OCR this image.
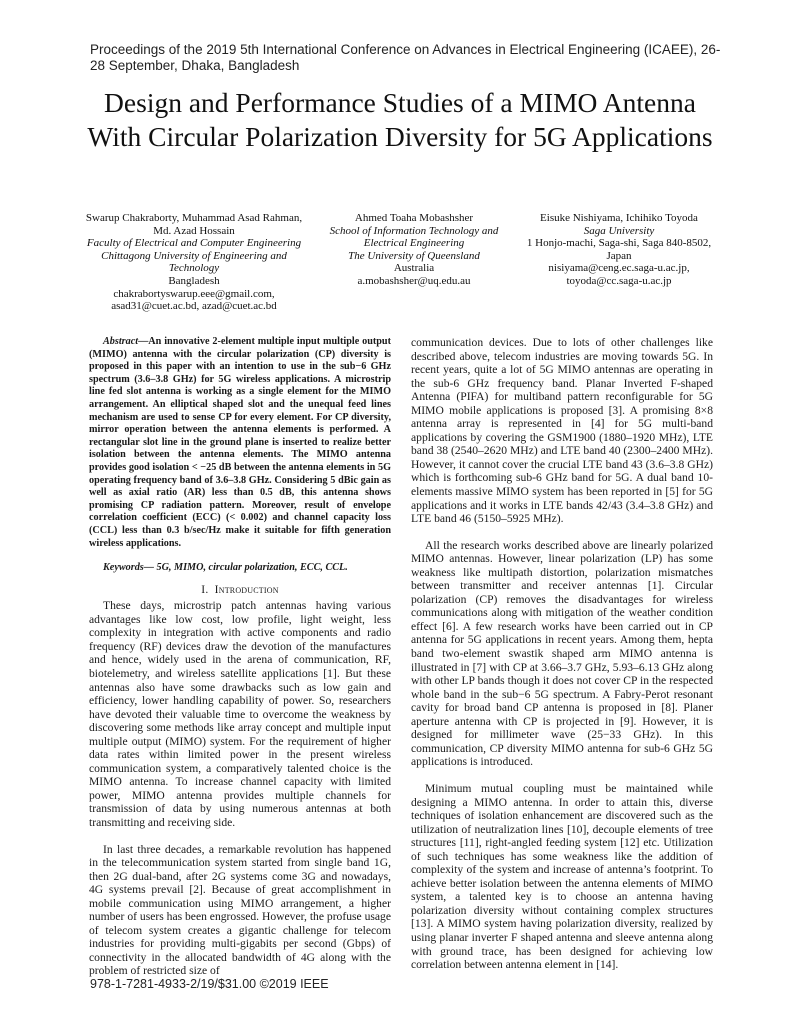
Proceedings of the 2019 5th International Conference on Advances in Electrical Engineering (ICAEE), 26-28 September, Dhaka, Bangladesh
Design and Performance Studies of a MIMO Antenna With Circular Polarization Diversity for 5G Applications
Swarup Chakraborty, Muhammad Asad Rahman,
Md. Azad Hossain
Faculty of Electrical and Computer Engineering
Chittagong University of Engineering and
Technology
Bangladesh
chakrabortyswarup.eee@gmail.com,
asad31@cuet.ac.bd, azad@cuet.ac.bd
Ahmed Toaha Mobashsher
School of Information Technology and
Electrical Engineering
The University of Queensland
Australia
a.mobashsher@uq.edu.au
Eisuke Nishiyama, Ichihiko Toyoda
Saga University
1 Honjo-machi, Saga-shi, Saga 840-8502,
Japan
nisiyama@ceng.ec.saga-u.ac.jp,
toyoda@cc.saga-u.ac.jp

Abstract—An innovative 2-element multiple input multiple output (MIMO) antenna with the circular polarization (CP) diversity is proposed in this paper with an intention to use in the sub−6 GHz spectrum (3.6–3.8 GHz) for 5G wireless applications. A microstrip line fed slot antenna is working as a single element for the MIMO arrangement. An elliptical shaped slot and the unequal feed lines mechanism are used to sense CP for every element. For CP diversity, mirror operation between the antenna elements is performed. A rectangular slot line in the ground plane is inserted to realize better isolation between the antenna elements. The MIMO antenna provides good isolation < −25 dB between the antenna elements in 5G operating frequency band of 3.6–3.8 GHz. Considering 5 dBic gain as well as axial ratio (AR) less than 0.5 dB, this antenna shows promising CP radiation pattern. Moreover, result of envelope correlation coefficient (ECC) (< 0.002) and channel capacity loss (CCL) less than 0.3 b/sec/Hz make it suitable for fifth generation wireless applications.

Keywords— 5G, MIMO, circular polarization, ECC, CCL.

I. Introduction

These days, microstrip patch antennas having various advantages like low cost, low profile, light weight, less complexity in integration with active components and radio frequency (RF) devices draw the devotion of the manufactures and hence, widely used in the arena of communication, RF, biotelemetry, and wireless satellite applications [1]. But these antennas also have some drawbacks such as low gain and efficiency, lower handling capability of power. So, researchers have devoted their valuable time to overcome the weakness by discovering some methods like array concept and multiple input multiple output (MIMO) system. For the requirement of higher data rates within limited power in the present wireless communication system, a comparatively talented choice is the MIMO antenna. To increase channel capacity with limited power, MIMO antenna provides multiple channels for transmission of data by using numerous antennas at both transmitting and receiving side.

In last three decades, a remarkable revolution has happened in the telecommunication system started from single band 1G, then 2G dual-band, after 2G systems come 3G and nowadays, 4G systems prevail [2]. Because of great accomplishment in mobile communication using MIMO arrangement, a higher number of users has been engrossed. However, the profuse usage of telecom system creates a gigantic challenge for telecom industries for providing multi-gigabits per second (Gbps) of connectivity in the allocated bandwidth of 4G along with the problem of restricted size of

communication devices. Due to lots of other challenges like described above, telecom industries are moving towards 5G. In recent years, quite a lot of 5G MIMO antennas are operating in the sub-6 GHz frequency band. Planar Inverted F-shaped Antenna (PIFA) for multiband pattern reconfigurable for 5G MIMO mobile applications is proposed [3]. A promising 8×8 antenna array is represented in [4] for 5G multi-band applications by covering the GSM1900 (1880–1920 MHz), LTE band 38 (2540–2620 MHz) and LTE band 40 (2300–2400 MHz). However, it cannot cover the crucial LTE band 43 (3.6–3.8 GHz) which is forthcoming sub-6 GHz band for 5G. A dual band 10-elements massive MIMO system has been reported in [5] for 5G applications and it works in LTE bands 42/43 (3.4–3.8 GHz) and LTE band 46 (5150–5925 MHz).

All the research works described above are linearly polarized MIMO antennas. However, linear polarization (LP) has some weakness like multipath distortion, polarization mismatches between transmitter and receiver antennas [1]. Circular polarization (CP) removes the disadvantages for wireless communications along with mitigation of the weather condition effect [6]. A few research works have been carried out in CP antenna for 5G applications in recent years. Among them, hepta band two-element swastik shaped arm MIMO antenna is illustrated in [7] with CP at 3.66–3.7 GHz, 5.93–6.13 GHz along with other LP bands though it does not cover CP in the respected whole band in the sub−6 5G spectrum. A Fabry-Perot resonant cavity for broad band CP antenna is proposed in [8]. Planer aperture antenna with CP is projected in [9]. However, it is designed for millimeter wave (25−33 GHz). In this communication, CP diversity MIMO antenna for sub-6 GHz 5G applications is introduced.

Minimum mutual coupling must be maintained while designing a MIMO antenna. In order to attain this, diverse techniques of isolation enhancement are discovered such as the utilization of neutralization lines [10], decouple elements of tree structures [11], right-angled feeding system [12] etc. Utilization of such techniques has some weakness like the addition of complexity of the system and increase of antenna’s footprint. To achieve better isolation between the antenna elements of MIMO system, a talented key is to choose an antenna having polarization diversity without containing complex structures [13]. A MIMO system having polarization diversity, realized by using planar inverter F shaped antenna and sleeve antenna along with ground trace, has been designed for achieving low correlation between antenna element in [14].

978-1-7281-4933-2/19/$31.00 ©2019 IEEE
